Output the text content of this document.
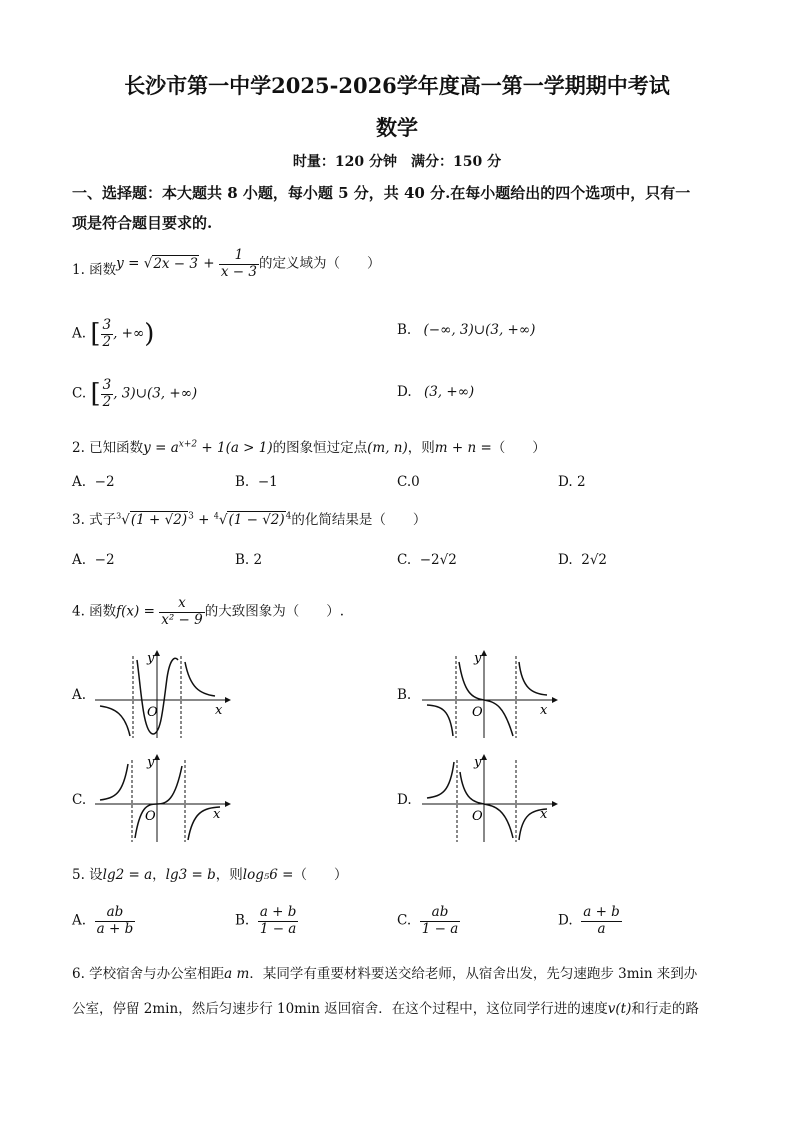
长沙市第一中学2025-2026学年度高一第一学期期中考试
数学
时量：120 分钟　满分：150 分
一、选择题：本大题共 8 小题，每小题 5 分，共 40 分.在每小题给出的四个选项中，只有一
项是符合题目要求的.
1. 函数$y = √2x - 3 + \frac{1}{x - 3}$ 的定义域为（　　）
A. [ $\frac{3}{2}$ , +∞)	B. (−∞, 3)∪(3, +∞)
C. [ $\frac{3}{2}$ , 3)∪(3, +∞)	D. (3, +∞)
2. 已知函数$y = a^{x+2} + 1(a > 1)$的图象恒过定点(m, n)，则m + n =（　　）
A. −2	B. −1	C.0	D. 2
3. 式子$^3√(1 + √2)^3 + ^4√(1 - √2)^4$的化简结果是（　　）
A. −2	B. 2	C. −2√2	D. 2√2
4. 函数$f(x) = \frac{x}{\text{x² − 9}}$ 的大致图象为（　　）.
A.	B.
C.	D.
y
x
O
y
x
O
y
x
O
y
x
O
5. 设lg2 = a，lg3 = b，则log₅6 =（　　）
A. $\frac{ab}{a + b}$	B. $\frac{a + b}{1 - a}$	C. $\frac{ab}{1 - a}$	D. $\frac{a + b}{a}$
6. 学校宿舍与办公室相距a m．某同学有重要材料要送交给老师，从宿舍出发，先匀速跑步 3min 来到办
公室，停留 2min，然后匀速步行 10min 返回宿舍．在这个过程中，这位同学行进的速度v(t)和行走的路
